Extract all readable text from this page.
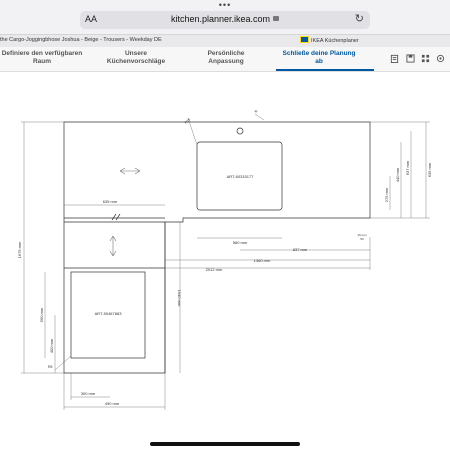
•••
AA	kitchen.planner.ikea.com	↻
the Cargo-Joggingbhose Joshua - Beige - Trousers - Weekday DE	IKEA Küchenplaner
Definiere den verfügbaren
Raum
Unsere
Küchenvorschläge
Persönliche
Anpassung
Schließe deine Planung
ab
ART-60315177
ART-50467883
R15
R
R5
635 mm
560 mm
837 mm
1360 mm
2012 mm
15 mm
50
1675 mm
1040 mm
635 mm
637 mm
440 mm
275 mm
560 mm
400 mm
300 mm
490 mm
